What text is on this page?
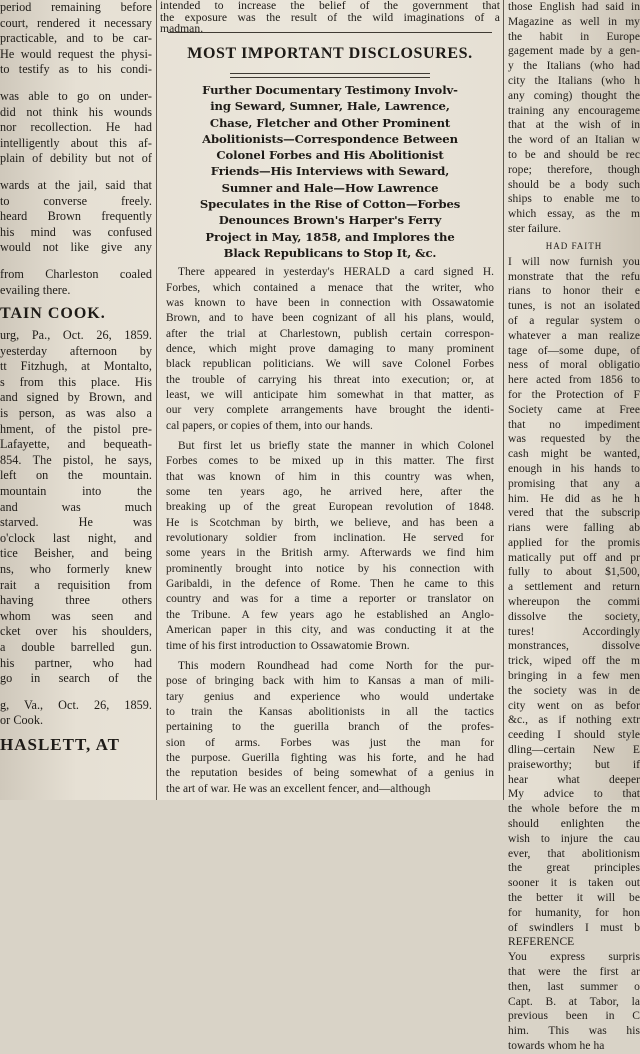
period remaining before
court, rendered it necessary
practicable, and to be car-
He would request the physi-
to testify as to his condi-
was able to go on under-
did not think his wounds
nor recollection. He had
intelligently about this af-
plain of debility but not of
wards at the jail, said that
to converse freely.
heard Brown frequently
his mind was confused
would not like give any
from Charleston coaled
evailing there.
TAIN COOK.
urg, Pa., Oct. 26, 1859.
yesterday afternoon by
tt Fitzhugh, at Montalto,
s from this place. His
and signed by Brown, and
is person, as was also a
hment, of the pistol pre-
Lafayette, and bequeath-
854. The pistol, he says,
left on the mountain.
mountain into the
and was much
starved. He was
o'clock last night, and
tice Beisher, and being
ns, who formerly knew
rait a requisition from
having three others
whom was seen and
cket over his shoulders,
a double barrelled gun.
his partner, who had
go in search of the
g, Va., Oct. 26, 1859.
or Cook.
HASLETT, AT
intended to increase the belief of the government that
the exposure was the result of the wild imaginations of a
madman.
MOST IMPORTANT DISCLOSURES.
Further Documentary Testimony Involv-
ing Seward, Sumner, Hale, Lawrence,
Chase, Fletcher and Other Prominent
Abolitionists—Correspondence Between
Colonel Forbes and His Abolitionist
Friends—His Interviews with Seward,
Sumner and Hale—How Lawrence
Speculates in the Rise of Cotton—Forbes
Denounces Brown's Harper's Ferry
Project in May, 1858, and Implores the
Black Republicans to Stop It, &c.
There appeared in yesterday's HERALD a card signed H.
Forbes, which contained a menace that the writer, who
was known to have been in connection with Ossawatomie
Brown, and to have been cognizant of all his plans, would,
after the trial at Charlestown, publish certain correspon-
dence, which might prove damaging to many prominent
black republican politicians. We will save Colonel Forbes
the trouble of carrying his threat into execution; or, at
least, we will anticipate him somewhat in that matter, as
our very complete arrangements have brought the identi-
cal papers, or copies of them, into our hands.
But first let us briefly state the manner in which Colonel
Forbes comes to be mixed up in this matter. The first
that was known of him in this country was when,
some ten years ago, he arrived here, after the
breaking up of the great European revolution of 1848.
He is Scotchman by birth, we believe, and has been a
revolutionary soldier from inclination. He served for
some years in the British army. Afterwards we find him
prominently brought into notice by his connection with
Garibaldi, in the defence of Rome. Then he came to this
country and was for a time a reporter or translator on
the Tribune. A few years ago he established an Anglo-
American paper in this city, and was conducting it at the
time of his first introduction to Ossawatomie Brown.
This modern Roundhead had come North for the pur-
pose of bringing back with him to Kansas a man of mili-
tary genius and experience who would undertake
to train the Kansas abolitionists in all the tactics
pertaining to the guerilla branch of the profes-
sion of arms. Forbes was just the man for
the purpose. Guerilla fighting was his forte, and he had
the reputation besides of being somewhat of a genius in
the art of war. He was an excellent fencer, and—although
those English had said in
Magazine as well in my
the habit in Europe
gagement made by a gen-
y the Italians (who had
city the Italians (who h
any coming) thought the
training any encourageme
that at the wish of in
the word of an Italian w
to be and should be rec
rope; therefore, though
should be a body such
ships to enable me to
which essay, as the m
ster failure.
HAD FAITH
I will now furnish you
monstrate that the refu
rians to honor their e
tunes, is not an isolated
of a regular system o
whatever a man realize
tage of—some dupe, of
ness of moral obligatio
here acted from 1856 to
for the Protection of F
Society came at Free
that no impediment
was requested by the
cash might be wanted,
enough in his hands to
promising that any a
him. He did as he h
vered that the subscrip
rians were falling ab
applied for the promis
matically put off and pr
fully to about $1,500,
a settlement and return
whereupon the commi
dissolve the society,
tures! Accordingly
monstrances, dissolve
trick, wiped off the m
bringing in a few men
the society was in de
city went on as befor
&c., as if nothing extr
ceeding I should style
dling—certain New E
praiseworthy; but if
hear what deeper
My advice to that
the whole before the m
should enlighten the
wish to injure the cau
ever, that abolitionism
the great principles
sooner it is taken out
the better it will be
for humanity, for hon
of swindlers I must b
REFERENCE
You express surpris
that were the first ar
then, last summer o
Capt. B. at Tabor, la
previous been in C
him. This was his
towards whom he ha
